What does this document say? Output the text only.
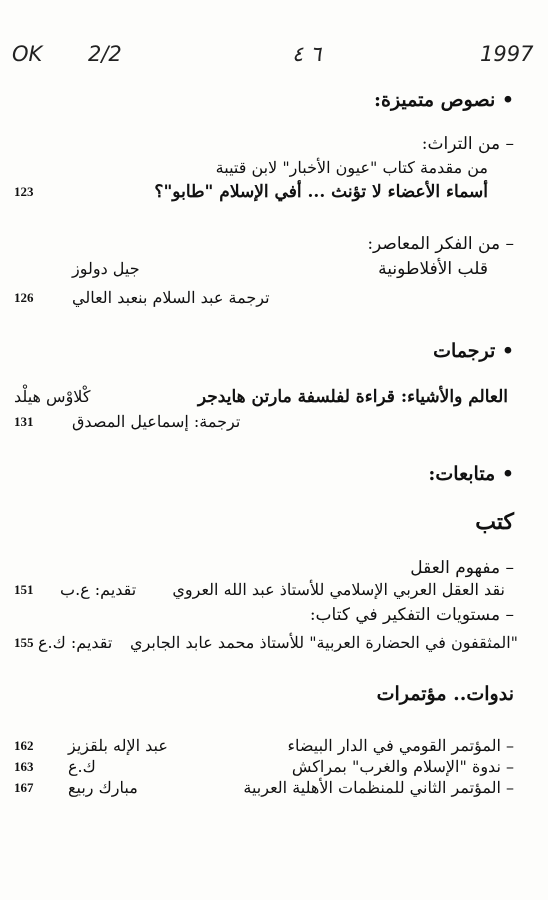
OK 2/2	٦ ٤	1997
• نصوص متميزة:
– من التراث:
من مقدمة كتاب "عيون الأخبار" لابن قتيبة
أسماء الأعضاء لا تؤنث ... أفي الإسلام "طابو"؟
123
– من الفكر المعاصر:
قلب الأفلاطونية
جيل دولوز
ترجمة عبد السلام بنعبد العالي
126
• ترجمات
العالم والأشياء: قراءة لفلسفة مارتن هايدجر
كْلاوْس هيلْد
ترجمة: إسماعيل المصدق
131
• متابعات:
كتب
– مفهوم العقل
نقد العقل العربي الإسلامي للأستاذ عبد الله العروي
تقديم: ع.ب
151
– مستويات التفكير في كتاب:
"المثقفون في الحضارة العربية" للأستاذ محمد عابد الجابري
تقديم: ك.ع
155
ندوات.. مؤتمرات
– المؤتمر القومي في الدار البيضاء
عبد الإله بلقزيز
162
– ندوة "الإسلام والغرب" بمراكش
ك.ع
163
– المؤتمر الثاني للمنظمات الأهلية العربية
مبارك ربيع
167
